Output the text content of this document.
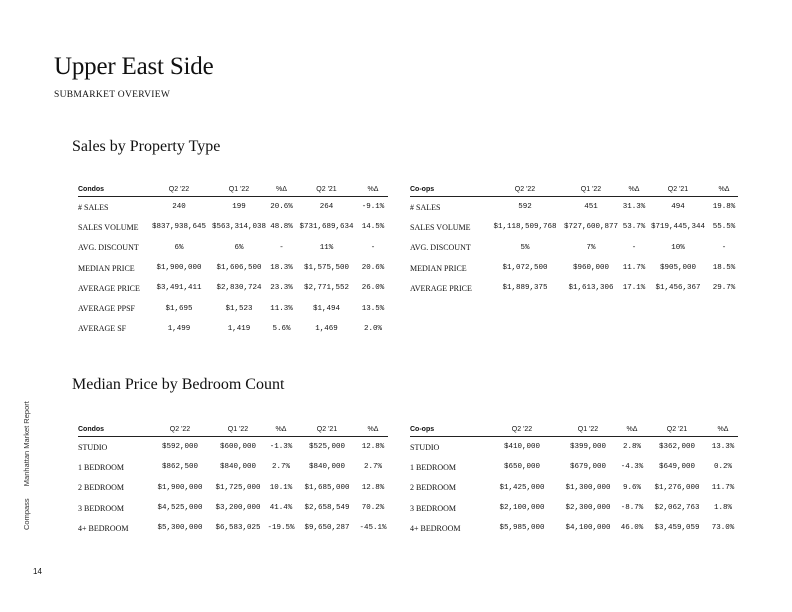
Upper East Side
SUBMARKET OVERVIEW
Sales by Property Type
Median Price by Bedroom Count
Condos	Q2 '22	Q1 '22	%Δ	Q2 '21	%Δ
# SALES	240	199	20.6%	264	-9.1%
SALES VOLUME	$837,938,645	$563,314,038	48.8%	$731,689,634	14.5%
AVG. DISCOUNT	6%	6%	-	11%	-
MEDIAN PRICE	$1,900,000	$1,606,500	18.3%	$1,575,500	20.6%
AVERAGE PRICE	$3,491,411	$2,830,724	23.3%	$2,771,552	26.0%
AVERAGE PPSF	$1,695	$1,523	11.3%	$1,494	13.5%
AVERAGE SF	1,499	1,419	5.6%	1,469	2.0%
Co-ops	Q2 '22	Q1 '22	%Δ	Q2 '21	%Δ
# SALES	592	451	31.3%	494	19.8%
SALES VOLUME	$1,118,509,768	$727,600,877	53.7%	$719,445,344	55.5%
AVG. DISCOUNT	5%	7%	-	10%	-
MEDIAN PRICE	$1,072,500	$960,000	11.7%	$905,000	18.5%
AVERAGE PRICE	$1,889,375	$1,613,306	17.1%	$1,456,367	29.7%
Condos	Q2 '22	Q1 '22	%Δ	Q2 '21	%Δ
STUDIO	$592,000	$600,000	-1.3%	$525,000	12.8%
1 BEDROOM	$862,500	$840,000	2.7%	$840,000	2.7%
2 BEDROOM	$1,900,000	$1,725,000	10.1%	$1,685,000	12.8%
3 BEDROOM	$4,525,000	$3,200,000	41.4%	$2,658,549	70.2%
4+ BEDROOM	$5,300,000	$6,583,025	-19.5%	$9,650,287	-45.1%
Co-ops	Q2 '22	Q1 '22	%Δ	Q2 '21	%Δ
STUDIO	$410,000	$399,000	2.8%	$362,000	13.3%
1 BEDROOM	$650,000	$679,000	-4.3%	$649,000	0.2%
2 BEDROOM	$1,425,000	$1,300,000	9.6%	$1,276,000	11.7%
3 BEDROOM	$2,100,000	$2,300,000	-8.7%	$2,062,763	1.8%
4+ BEDROOM	$5,985,000	$4,100,000	46.0%	$3,459,059	73.0%
Compass Manhattan Market Report
14
